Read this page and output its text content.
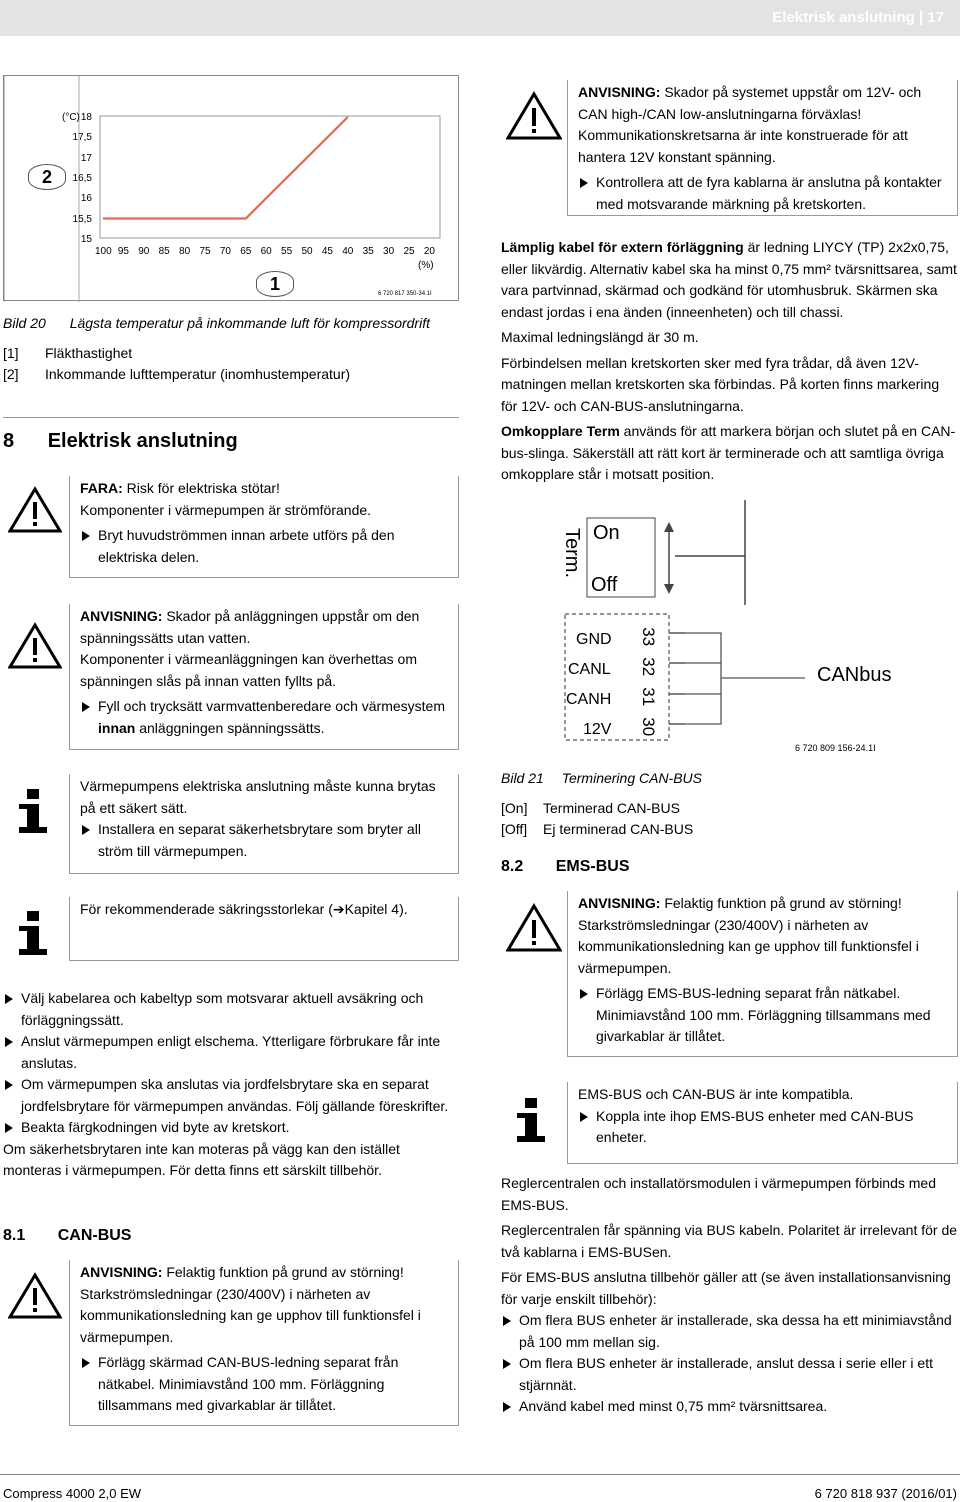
Elektrisk anslutning | 17
2
(°C)
(%)
1	6 720 817 350-34.1I
18
17,5
17
16,5
16
15,5
15
100 95 90 85 80 75 70 65 60 55 50 45 40 35 30 25 20
Bild 20 Lägsta temperatur på inkommande luft för kompressordrift
[1] Fläkthastighet
[2] Inkommande lufttemperatur (inomhustemperatur)
8 Elektrisk anslutning
FARA: Risk för elektriska stötar!
Komponenter i värmepumpen är strömförande.
Bryt huvudströmmen innan arbete utförs på den elektriska delen.
ANVISNING: Skador på anläggningen uppstår om den spänningssätts utan vatten.
Komponenter i värmeanläggningen kan överhettas om spänningen slås på innan vatten fyllts på.
Fyll och trycksätt varmvattenberedare och värmesystem innan anläggningen spänningssätts.
Värmepumpens elektriska anslutning måste kunna brytas på ett säkert sätt.
Installera en separat säkerhetsbrytare som bryter all ström till värmepumpen.
För rekommenderade säkringsstorlekar (➔Kapitel 4).
Välj kabelarea och kabeltyp som motsvarar aktuell avsäkring och förläggningssätt.
Anslut värmepumpen enligt elschema. Ytterligare förbrukare får inte anslutas.
Om värmepumpen ska anslutas via jordfelsbrytare ska en separat jordfelsbrytare för värmepumpen användas. Följ gällande föreskrifter.
Beakta färgkodningen vid byte av kretskort.
Om säkerhetsbrytaren inte kan moteras på vägg kan den istället monteras i värmepumpen. För detta finns ett särskilt tillbehör.
8.1 CAN-BUS
ANVISNING: Felaktig funktion på grund av störning!
Starkströmsledningar (230/400V) i närheten av kommunikationsledning kan ge upphov till funktionsfel i värmepumpen.
Förlägg skärmad CAN-BUS-ledning separat från nätkabel. Minimiavstånd 100 mm. Förläggning tillsammans med givarkablar är tillåtet.
ANVISNING: Skador på systemet uppstår om 12V- och CAN high-/CAN low-anslutningarna förväxlas!
Kommunikationskretsarna är inte konstruerade för att hantera 12V konstant spänning.
Kontrollera att de fyra kablarna är anslutna på kontakter med motsvarande märkning på kretskorten.
Lämplig kabel för extern förläggning är ledning LIYCY (TP) 2x2x0,75, eller likvärdig. Alternativ kabel ska ha minst 0,75 mm² tvärsnittsarea, samt vara partvinnad, skärmad och godkänd för utomhusbruk. Skärmen ska endast jordas i ena änden (inneenheten) och till chassi.
Maximal ledningslängd är 30 m.
Förbindelsen mellan kretskorten sker med fyra trådar, då även 12V-matningen mellan kretskorten ska förbindas. På korten finns markering för 12V- och CAN-BUS-anslutningarna.
Omkopplare Term används för att markera början och slutet på en CAN-bus-slinga. Säkerställ att rätt kort är terminerade och att samtliga övriga omkopplare står i motsatt position.
Term. On
Off
GND
CANL
CANH
12V
33
32
31
30
CANbus
6 720 809 156-24.1I
Bild 21 Terminering CAN-BUS
[On] Terminerad CAN-BUS
[Off] Ej terminerad CAN-BUS
8.2 EMS-BUS
ANVISNING: Felaktig funktion på grund av störning!
Starkströmsledningar (230/400V) i närheten av kommunikationsledning kan ge upphov till funktionsfel i värmepumpen.
Förlägg EMS-BUS-ledning separat från nätkabel. Minimiavstånd 100 mm. Förläggning tillsammans med givarkablar är tillåtet.
EMS-BUS och CAN-BUS är inte kompatibla.
Koppla inte ihop EMS-BUS enheter med CAN-BUS enheter.
Reglercentralen och installatörsmodulen i värmepumpen förbinds med EMS-BUS.
Reglercentralen får spänning via BUS kabeln. Polaritet är irrelevant för de två kablarna i EMS-BUSen.
För EMS-BUS anslutna tillbehör gäller att (se även installationsanvisning för varje enskilt tillbehör):
Om flera BUS enheter är installerade, ska dessa ha ett minimiavstånd på 100 mm mellan sig.
Om flera BUS enheter är installerade, anslut dessa i serie eller i ett stjärnnät.
Använd kabel med minst 0,75 mm² tvärsnittsarea.
Compress 4000 2,0 EW	6 720 818 937 (2016/01)
